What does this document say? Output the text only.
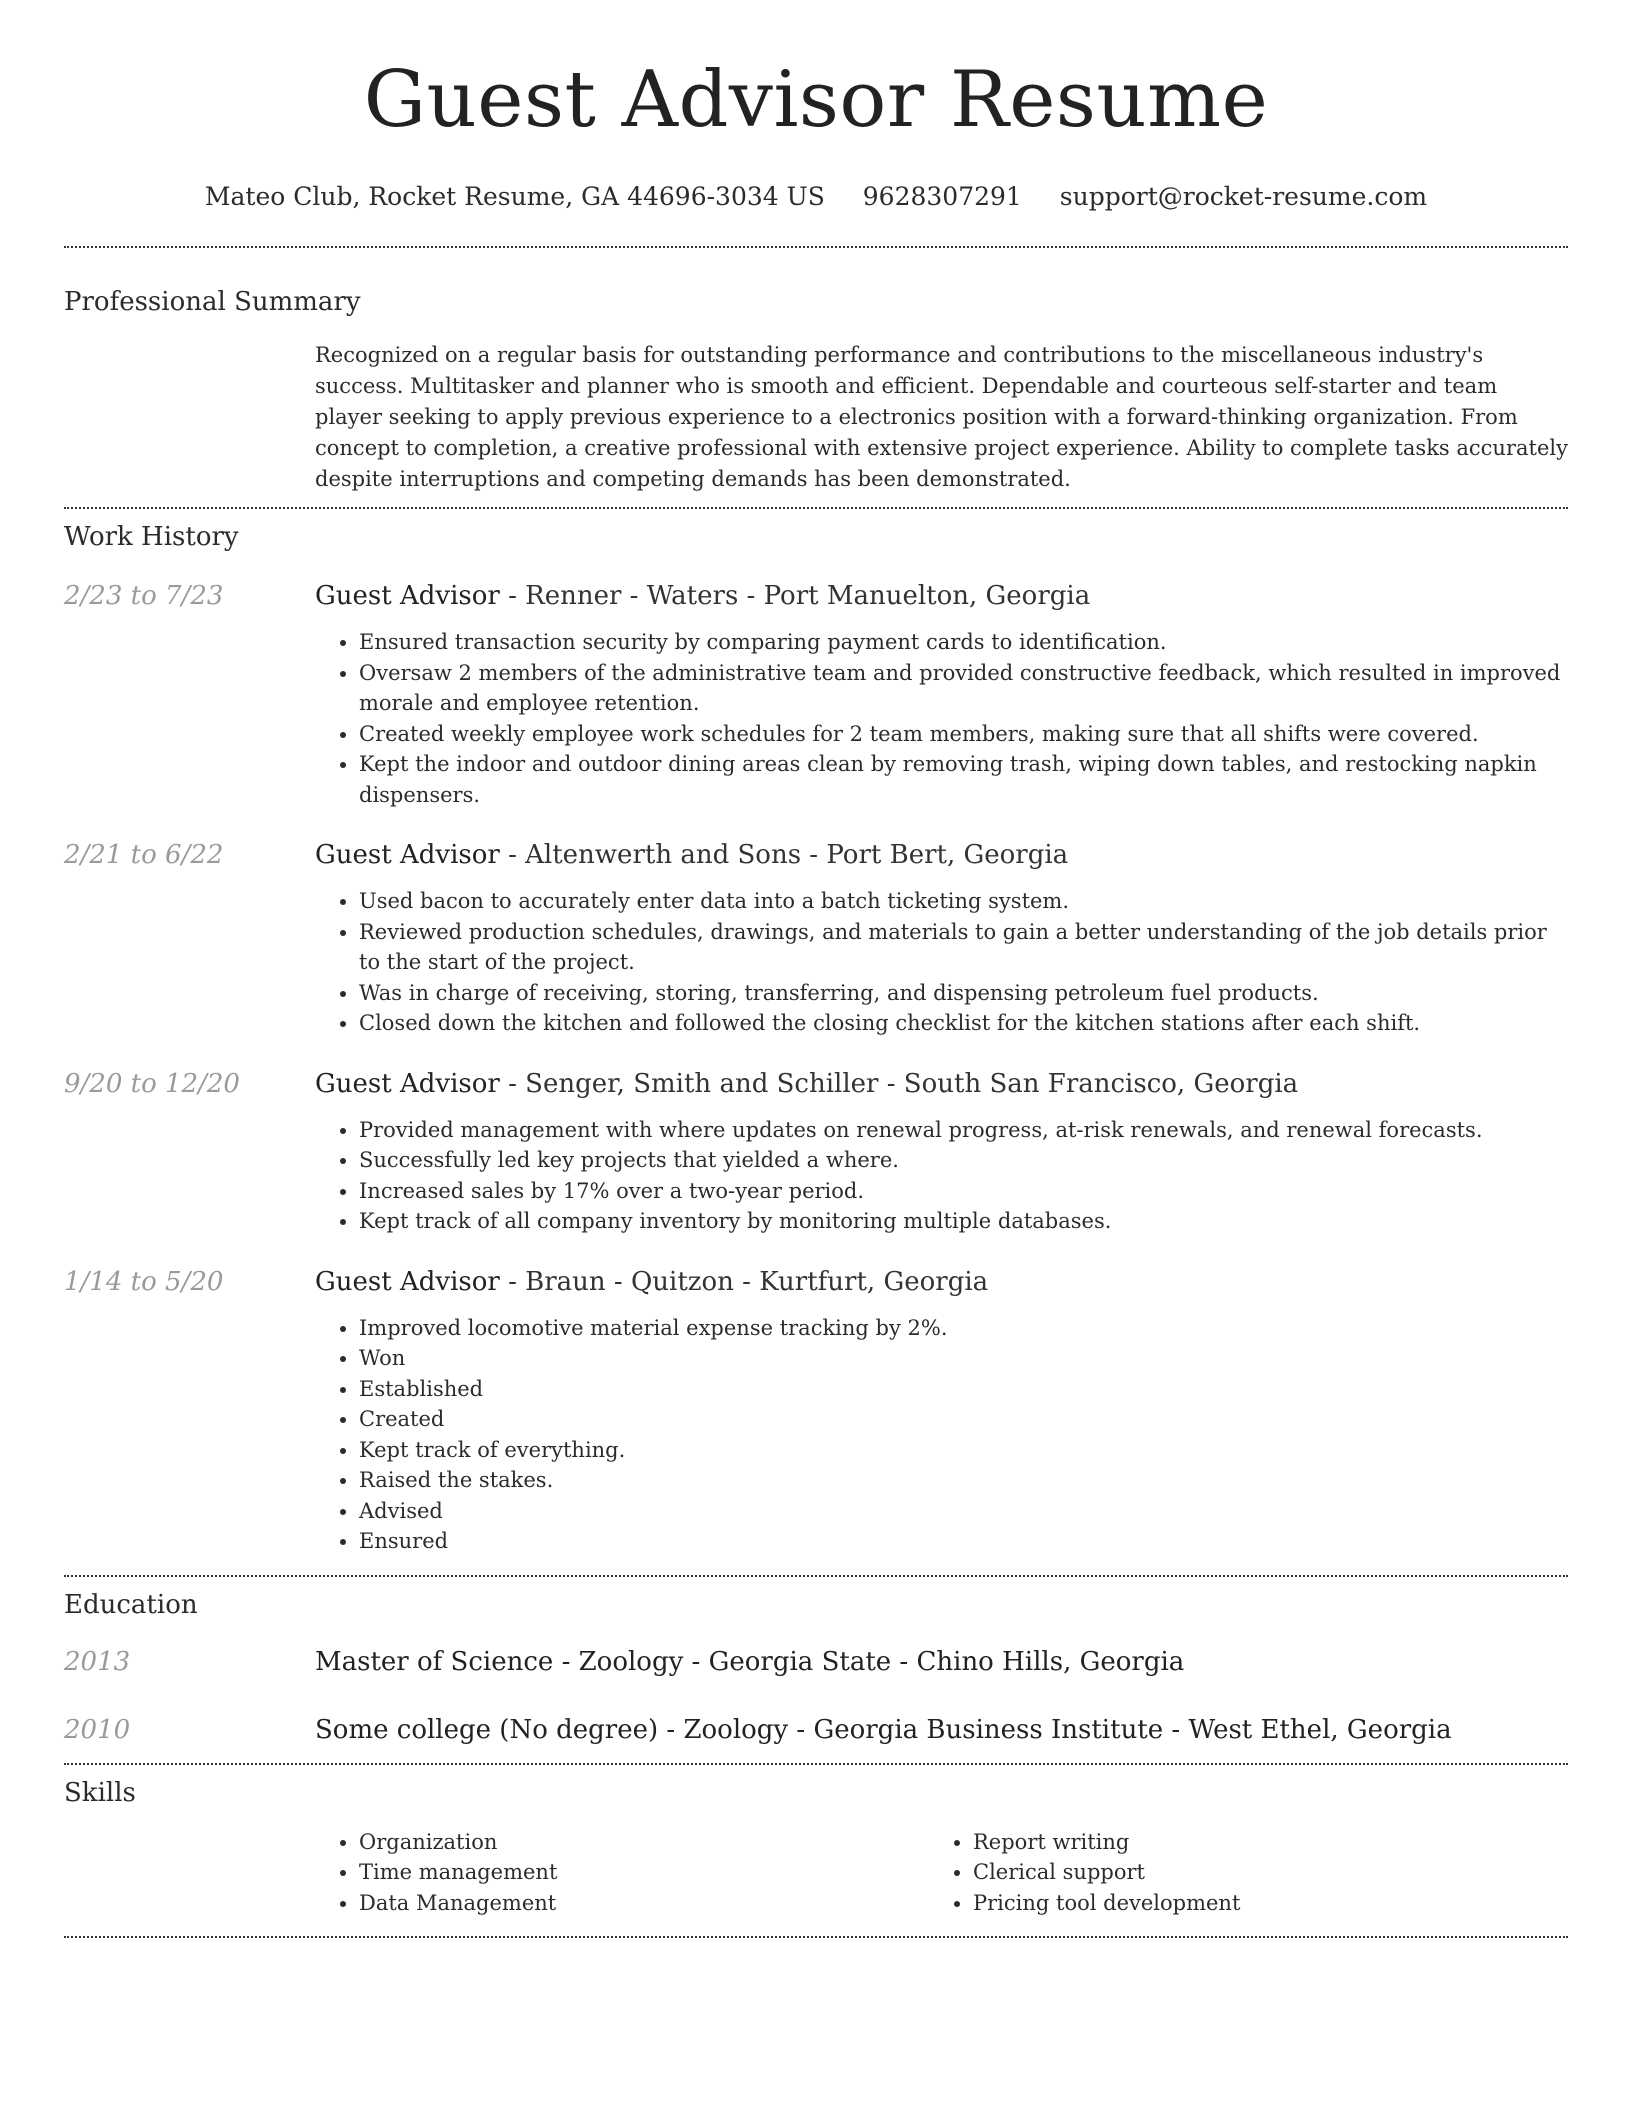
Guest Advisor Resume
Mateo Club, Rocket Resume, GA 44696-3034 US 9628307291 support@rocket-resume.com
Professional Summary

Recognized on a regular basis for outstanding performance and contributions to the miscellaneous industry's success. Multitasker and planner who is smooth and efficient. Dependable and courteous self-starter and team player seeking to apply previous experience to a electronics position with a forward-thinking organization. From concept to completion, a creative professional with extensive project experience. Ability to complete tasks accurately despite interruptions and competing demands has been demonstrated.

Work History
2/23 to 7/23	Guest Advisor - Renner - Waters - Port Manuelton, Georgia
• Ensured transaction security by comparing payment cards to identification.
• Oversaw 2 members of the administrative team and provided constructive feedback, which resulted in improved morale and employee retention.
• Created weekly employee work schedules for 2 team members, making sure that all shifts were covered.
• Kept the indoor and outdoor dining areas clean by removing trash, wiping down tables, and restocking napkin dispensers.
2/21 to 6/22	Guest Advisor - Altenwerth and Sons - Port Bert, Georgia
• Used bacon to accurately enter data into a batch ticketing system.
• Reviewed production schedules, drawings, and materials to gain a better understanding of the job details prior to the start of the project.
• Was in charge of receiving, storing, transferring, and dispensing petroleum fuel products.
• Closed down the kitchen and followed the closing checklist for the kitchen stations after each shift.
9/20 to 12/20	Guest Advisor - Senger, Smith and Schiller - South San Francisco, Georgia
• Provided management with where updates on renewal progress, at-risk renewals, and renewal forecasts.
• Successfully led key projects that yielded a where.
• Increased sales by 17% over a two-year period.
• Kept track of all company inventory by monitoring multiple databases.
1/14 to 5/20	Guest Advisor - Braun - Quitzon - Kurtfurt, Georgia
• Improved locomotive material expense tracking by 2%.
• Won
• Established
• Created
• Kept track of everything.
• Raised the stakes.
• Advised
• Ensured
Education
2013	Master of Science - Zoology - Georgia State - Chino Hills, Georgia
2010	Some college (No degree) - Zoology - Georgia Business Institute - West Ethel, Georgia
Skills
• Organization
• Time management
• Data Management
• Report writing
• Clerical support
• Pricing tool development
